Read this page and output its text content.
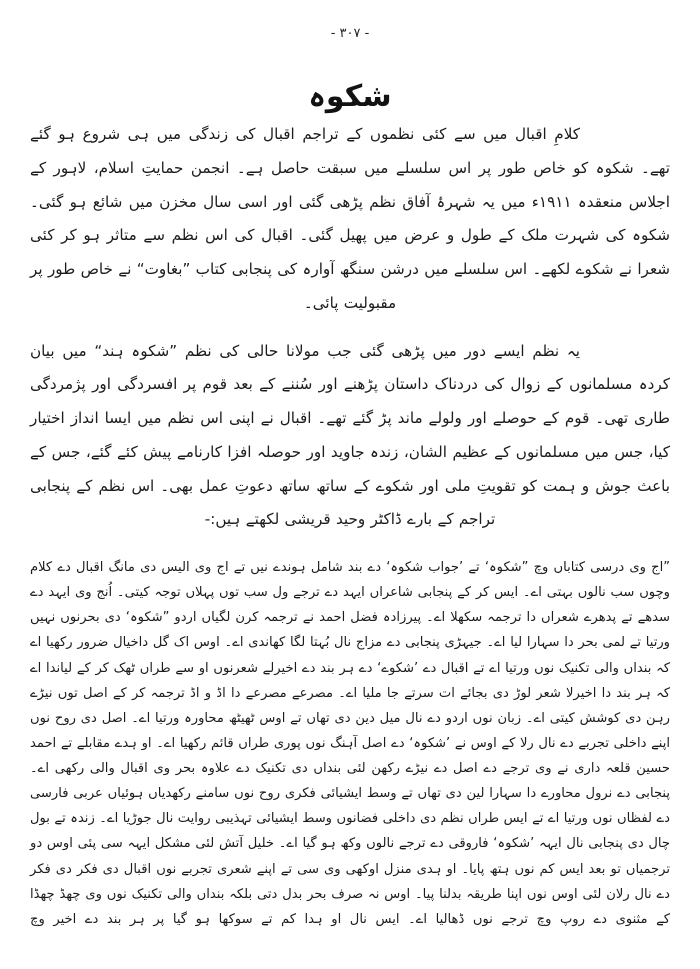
- ۳۰۷ -
شکوہ

کلامِ اقبال میں سے کئی نظموں کے تراجم اقبال کی زندگی میں ہی شروع ہو گئے تھے۔ شکوہ کو خاص طور پر اس سلسلے میں سبقت حاصل ہے۔ انجمن حمایتِ اسلام، لاہور کے اجلاس منعقدہ ۱۹۱۱ء میں یہ شہرۂ آفاق نظم پڑھی گئی اور اسی سال مخزن میں شائع ہو گئی۔ شکوہ کی شہرت ملک کے طول و عرض میں پھیل گئی۔ اقبال کی اس نظم سے متاثر ہو کر کئی شعرا نے شکوے لکھے۔ اس سلسلے میں درشن سنگھ آوارہ کی پنجابی کتاب ”بغاوت“ نے خاص طور پر مقبولیت پائی۔

یہ نظم ایسے دور میں پڑھی گئی جب مولانا حالی کی نظم ”شکوہ ہند“ میں بیان کردہ مسلمانوں کے زوال کی دردناک داستان پڑھنے اور سُننے کے بعد قوم پر افسردگی اور پژمردگی طاری تھی۔ قوم کے حوصلے اور ولولے ماند پڑ گئے تھے۔ اقبال نے اپنی اس نظم میں ایسا انداز اختیار کیا، جس میں مسلمانوں کے عظیم الشان، زندہ جاوید اور حوصلہ افزا کارنامے پیش کئے گئے، جس کے باعث جوش و ہمت کو تقویتِ ملی اور شکوے کے ساتھ ساتھ دعوتِ عمل بھی۔ اس نظم کے پنجابی تراجم کے بارے ڈاکٹر وحید قریشی لکھتے ہیں:-

”اج وی درسی کتاباں وچ ”شکوہ‘ تے ’جواب شکوہ‘ دے بند شامل ہوندے نیں تے اج وی الیس دی مانگ اقبال دے کلام وچوں سب نالوں بہتی اے۔ ایس کر کے پنجابی شاعراں ایہد دے ترجے ول سب توں پہلاں توجہ کیتی۔ اُنج وی ایہد دے سدھے تے پدھرے شعراں دا ترجمہ سکھلا اے۔ پیرزادہ فضل احمد نے ترجمہ کرن لگیاں اردو ”شکوہ‘ دی بحرنوں نہیں ورتیا تے لمی بحر دا سہارا لیا اے۔ جیہڑی پنجابی دے مزاج نال بُہتا لگا کھاندی اے۔ اوس اک گل داخیال ضرور رکھیا اے کہ بنداں والی تکنیک نوں ورتیا اے تے اقبال دے ’شکوے‘ دے ہر بند دے اخیرلے شعرنوں او سے طراں ٹھک کر کے لیاندا اے کہ ہر بند دا اخیرلا شعر لوڑ دی بجائے ات سرتے جا ملیا اے۔ مصرعے مصرعے دا اڈ و اڈ ترجمہ کر کے اصل توں نیڑے رہن دی کوشش کیتی اے۔ زبان نوں اردو دے نال میل دین دی تھاں تے اوس ٹھیٹھ محاورہ ورتیا اے۔ اصل دی روح نوں اپنے داخلی تجربے دے نال رلا کے اوس نے ’شکوہ‘ دے اصل آہنگ نوں پوری طراں قائم رکھیا اے۔ او ہدے مقابلے تے احمد حسین قلعہ داری نے وی ترجے دے اصل دے نیڑے رکھن لئی بنداں دی تکنیک دے علاوہ بحر وی اقبال والی رکھی اے۔ پنجابی دے نرول محاورے دا سہارا لین دی تھاں تے وسط ایشیائی فکری روح نوں سامنے رکھدیاں ہوئیاں عربی فارسی دے لفظاں نوں ورتیا اے تے ایس طراں نظم دی داخلی فضانوں وسط ایشیائی تہذیبی روایت نال جوڑیا اے۔ زندہ تے بول چال دی پنجابی نال ایہہ ’شکوہ‘ فاروقی دے ترجے نالوں وکھ ہو گیا اے۔ خلیل آتش لئی مشکل ایہہ سی پئی اوس دو ترجمیاں تو بعد ایس کم نوں ہتھ پایا۔ او ہدی منزل اوکھی وی سی تے اپنے شعری تجربے نوں اقبال دی فکر دی فکر دے نال رلان لئی اوس نوں اپنا طریقہ بدلنا پیا۔ اوس نہ صرف بحر بدل دتی بلکہ بنداں والی تکنیک نوں وی چھڈ چھڈا کے مثنوی دے روپ وچ ترجے نوں ڈھالیا اے۔ ایس نال او ہدا کم تے سوکھا ہو گیا پر ہر بند دے اخیر وچ
